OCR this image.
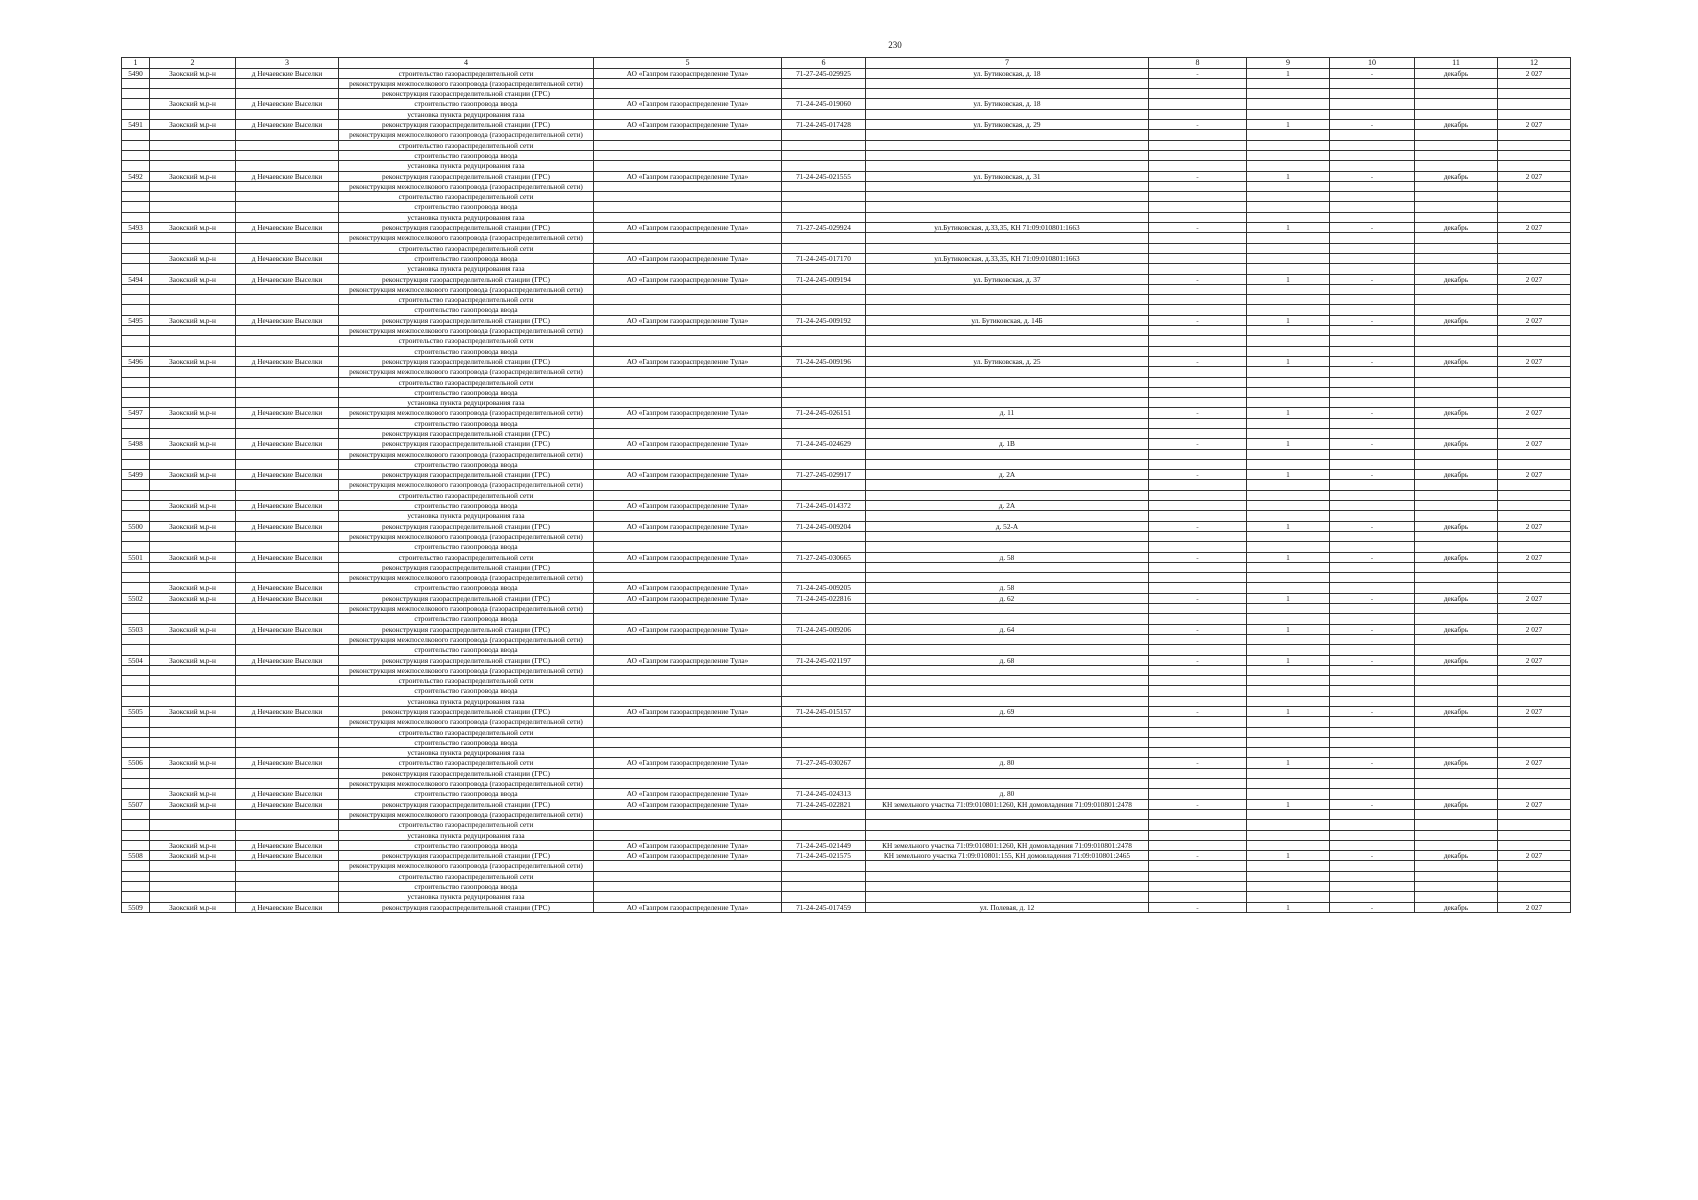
230
1	2	3	4	5	6	7	8	9	10	11	12
5490	Заокский м.р-н	д Нечаевские Выселки	строительство газораспределительной сети	АО «Газпром газораспределение Тула»	71-27-245-029925	ул. Бутиковская, д. 18	-	1	-	декабрь	2 027
			реконструкция межпоселкового газопровода (газораспределительной сети)								
			реконструкция газораспределительной станции (ГРС)								
	Заокский м.р-н	д Нечаевские Выселки	строительство газопровода ввода	АО «Газпром газораспределение Тула»	71-24-245-019060	ул. Бутиковская, д. 18					
			установка пункта редуцирования газа								
5491	Заокский м.р-н	д Нечаевские Выселки	реконструкция газораспределительной станции (ГРС)	АО «Газпром газораспределение Тула»	71-24-245-017428	ул. Бутиковская, д. 29	-	1	-	декабрь	2 027
			реконструкция межпоселкового газопровода (газораспределительной сети)								
			строительство газораспределительной сети								
			строительство газопровода ввода								
			установка пункта редуцирования газа								
5492	Заокский м.р-н	д Нечаевские Выселки	реконструкция газораспределительной станции (ГРС)	АО «Газпром газораспределение Тула»	71-24-245-021555	ул. Бутиковская, д. 31	-	1	-	декабрь	2 027
			реконструкция межпоселкового газопровода (газораспределительной сети)								
			строительство газораспределительной сети								
			строительство газопровода ввода								
			установка пункта редуцирования газа								
5493	Заокский м.р-н	д Нечаевские Выселки	реконструкция газораспределительной станции (ГРС)	АО «Газпром газораспределение Тула»	71-27-245-029924	ул.Бутиковская, д.33,35, КН 71:09:010801:1663	-	1	-	декабрь	2 027
			реконструкция межпоселкового газопровода (газораспределительной сети)								
			строительство газораспределительной сети								
	Заокский м.р-н	д Нечаевские Выселки	строительство газопровода ввода	АО «Газпром газораспределение Тула»	71-24-245-017170	ул.Бутиковская, д.33,35, КН 71:09:010801:1663					
			установка пункта редуцирования газа								
5494	Заокский м.р-н	д Нечаевские Выселки	реконструкция газораспределительной станции (ГРС)	АО «Газпром газораспределение Тула»	71-24-245-009194	ул. Бутиковская, д. 37	-	1	-	декабрь	2 027
			реконструкция межпоселкового газопровода (газораспределительной сети)								
			строительство газораспределительной сети								
			строительство газопровода ввода								
5495	Заокский м.р-н	д Нечаевские Выселки	реконструкция газораспределительной станции (ГРС)	АО «Газпром газораспределение Тула»	71-24-245-009192	ул. Бутиковская, д. 14Б	-	1	-	декабрь	2 027
			реконструкция межпоселкового газопровода (газораспределительной сети)								
			строительство газораспределительной сети								
			строительство газопровода ввода								
5496	Заокский м.р-н	д Нечаевские Выселки	реконструкция газораспределительной станции (ГРС)	АО «Газпром газораспределение Тула»	71-24-245-009196	ул. Бутиковская, д. 25	-	1	-	декабрь	2 027
			реконструкция межпоселкового газопровода (газораспределительной сети)								
			строительство газораспределительной сети								
			строительство газопровода ввода								
			установка пункта редуцирования газа								
5497	Заокский м.р-н	д Нечаевские Выселки	реконструкция межпоселкового газопровода (газораспределительной сети)	АО «Газпром газораспределение Тула»	71-24-245-026151	д. 11	-	1	-	декабрь	2 027
			строительство газопровода ввода								
			реконструкция газораспределительной станции (ГРС)								
5498	Заокский м.р-н	д Нечаевские Выселки	реконструкция газораспределительной станции (ГРС)	АО «Газпром газораспределение Тула»	71-24-245-024629	д. 1В	-	1	-	декабрь	2 027
			реконструкция межпоселкового газопровода (газораспределительной сети)								
			строительство газопровода ввода								
5499	Заокский м.р-н	д Нечаевские Выселки	реконструкция газораспределительной станции (ГРС)	АО «Газпром газораспределение Тула»	71-27-245-029917	д. 2А	-	1	-	декабрь	2 027
			реконструкция межпоселкового газопровода (газораспределительной сети)								
			строительство газораспределительной сети								
	Заокский м.р-н	д Нечаевские Выселки	строительство газопровода ввода	АО «Газпром газораспределение Тула»	71-24-245-014372	д. 2А					
			установка пункта редуцирования газа								
5500	Заокский м.р-н	д Нечаевские Выселки	реконструкция газораспределительной станции (ГРС)	АО «Газпром газораспределение Тула»	71-24-245-009204	д. 52-А	-	1	-	декабрь	2 027
			реконструкция межпоселкового газопровода (газораспределительной сети)								
			строительство газопровода ввода								
5501	Заокский м.р-н	д Нечаевские Выселки	строительство газораспределительной сети	АО «Газпром газораспределение Тула»	71-27-245-030665	д. 58	-	1	-	декабрь	2 027
			реконструкция газораспределительной станции (ГРС)								
			реконструкция межпоселкового газопровода (газораспределительной сети)								
	Заокский м.р-н	д Нечаевские Выселки	строительство газопровода ввода	АО «Газпром газораспределение Тула»	71-24-245-009205	д. 58					
5502	Заокский м.р-н	д Нечаевские Выселки	реконструкция газораспределительной станции (ГРС)	АО «Газпром газораспределение Тула»	71-24-245-022816	д. 62	-	1	-	декабрь	2 027
			реконструкция межпоселкового газопровода (газораспределительной сети)								
			строительство газопровода ввода								
5503	Заокский м.р-н	д Нечаевские Выселки	реконструкция газораспределительной станции (ГРС)	АО «Газпром газораспределение Тула»	71-24-245-009206	д. 64	-	1	-	декабрь	2 027
			реконструкция межпоселкового газопровода (газораспределительной сети)								
			строительство газопровода ввода								
5504	Заокский м.р-н	д Нечаевские Выселки	реконструкция газораспределительной станции (ГРС)	АО «Газпром газораспределение Тула»	71-24-245-021197	д. 68	-	1	-	декабрь	2 027
			реконструкция межпоселкового газопровода (газораспределительной сети)								
			строительство газораспределительной сети								
			строительство газопровода ввода								
			установка пункта редуцирования газа								
5505	Заокский м.р-н	д Нечаевские Выселки	реконструкция газораспределительной станции (ГРС)	АО «Газпром газораспределение Тула»	71-24-245-015157	д. 69	-	1	-	декабрь	2 027
			реконструкция межпоселкового газопровода (газораспределительной сети)								
			строительство газораспределительной сети								
			строительство газопровода ввода								
			установка пункта редуцирования газа								
5506	Заокский м.р-н	д Нечаевские Выселки	строительство газораспределительной сети	АО «Газпром газораспределение Тула»	71-27-245-030267	д. 80	-	1	-	декабрь	2 027
			реконструкция газораспределительной станции (ГРС)								
			реконструкция межпоселкового газопровода (газораспределительной сети)								
	Заокский м.р-н	д Нечаевские Выселки	строительство газопровода ввода	АО «Газпром газораспределение Тула»	71-24-245-024313	д. 80					
5507	Заокский м.р-н	д Нечаевские Выселки	реконструкция газораспределительной станции (ГРС)	АО «Газпром газораспределение Тула»	71-24-245-022821	КН земельного участка 71:09:010801:1260, КН домовладения 71:09:010801:2478	-	1	-	декабрь	2 027
			реконструкция межпоселкового газопровода (газораспределительной сети)								
			строительство газораспределительной сети								
			установка пункта редуцирования газа								
	Заокский м.р-н	д Нечаевские Выселки	строительство газопровода ввода	АО «Газпром газораспределение Тула»	71-24-245-021449	КН земельного участка 71:09:010801:1260, КН домовладения 71:09:010801:2478					
5508	Заокский м.р-н	д Нечаевские Выселки	реконструкция газораспределительной станции (ГРС)	АО «Газпром газораспределение Тула»	71-24-245-021575	КН земельного участка 71:09:010801:155, КН домовладения 71:09:010801:2465	-	1	-	декабрь	2 027
			реконструкция межпоселкового газопровода (газораспределительной сети)								
			строительство газораспределительной сети								
			строительство газопровода ввода								
			установка пункта редуцирования газа								
5509	Заокский м.р-н	д Нечаевские Выселки	реконструкция газораспределительной станции (ГРС)	АО «Газпром газораспределение Тула»	71-24-245-017459	ул. Полевая, д. 12	-	1	-	декабрь	2 027
